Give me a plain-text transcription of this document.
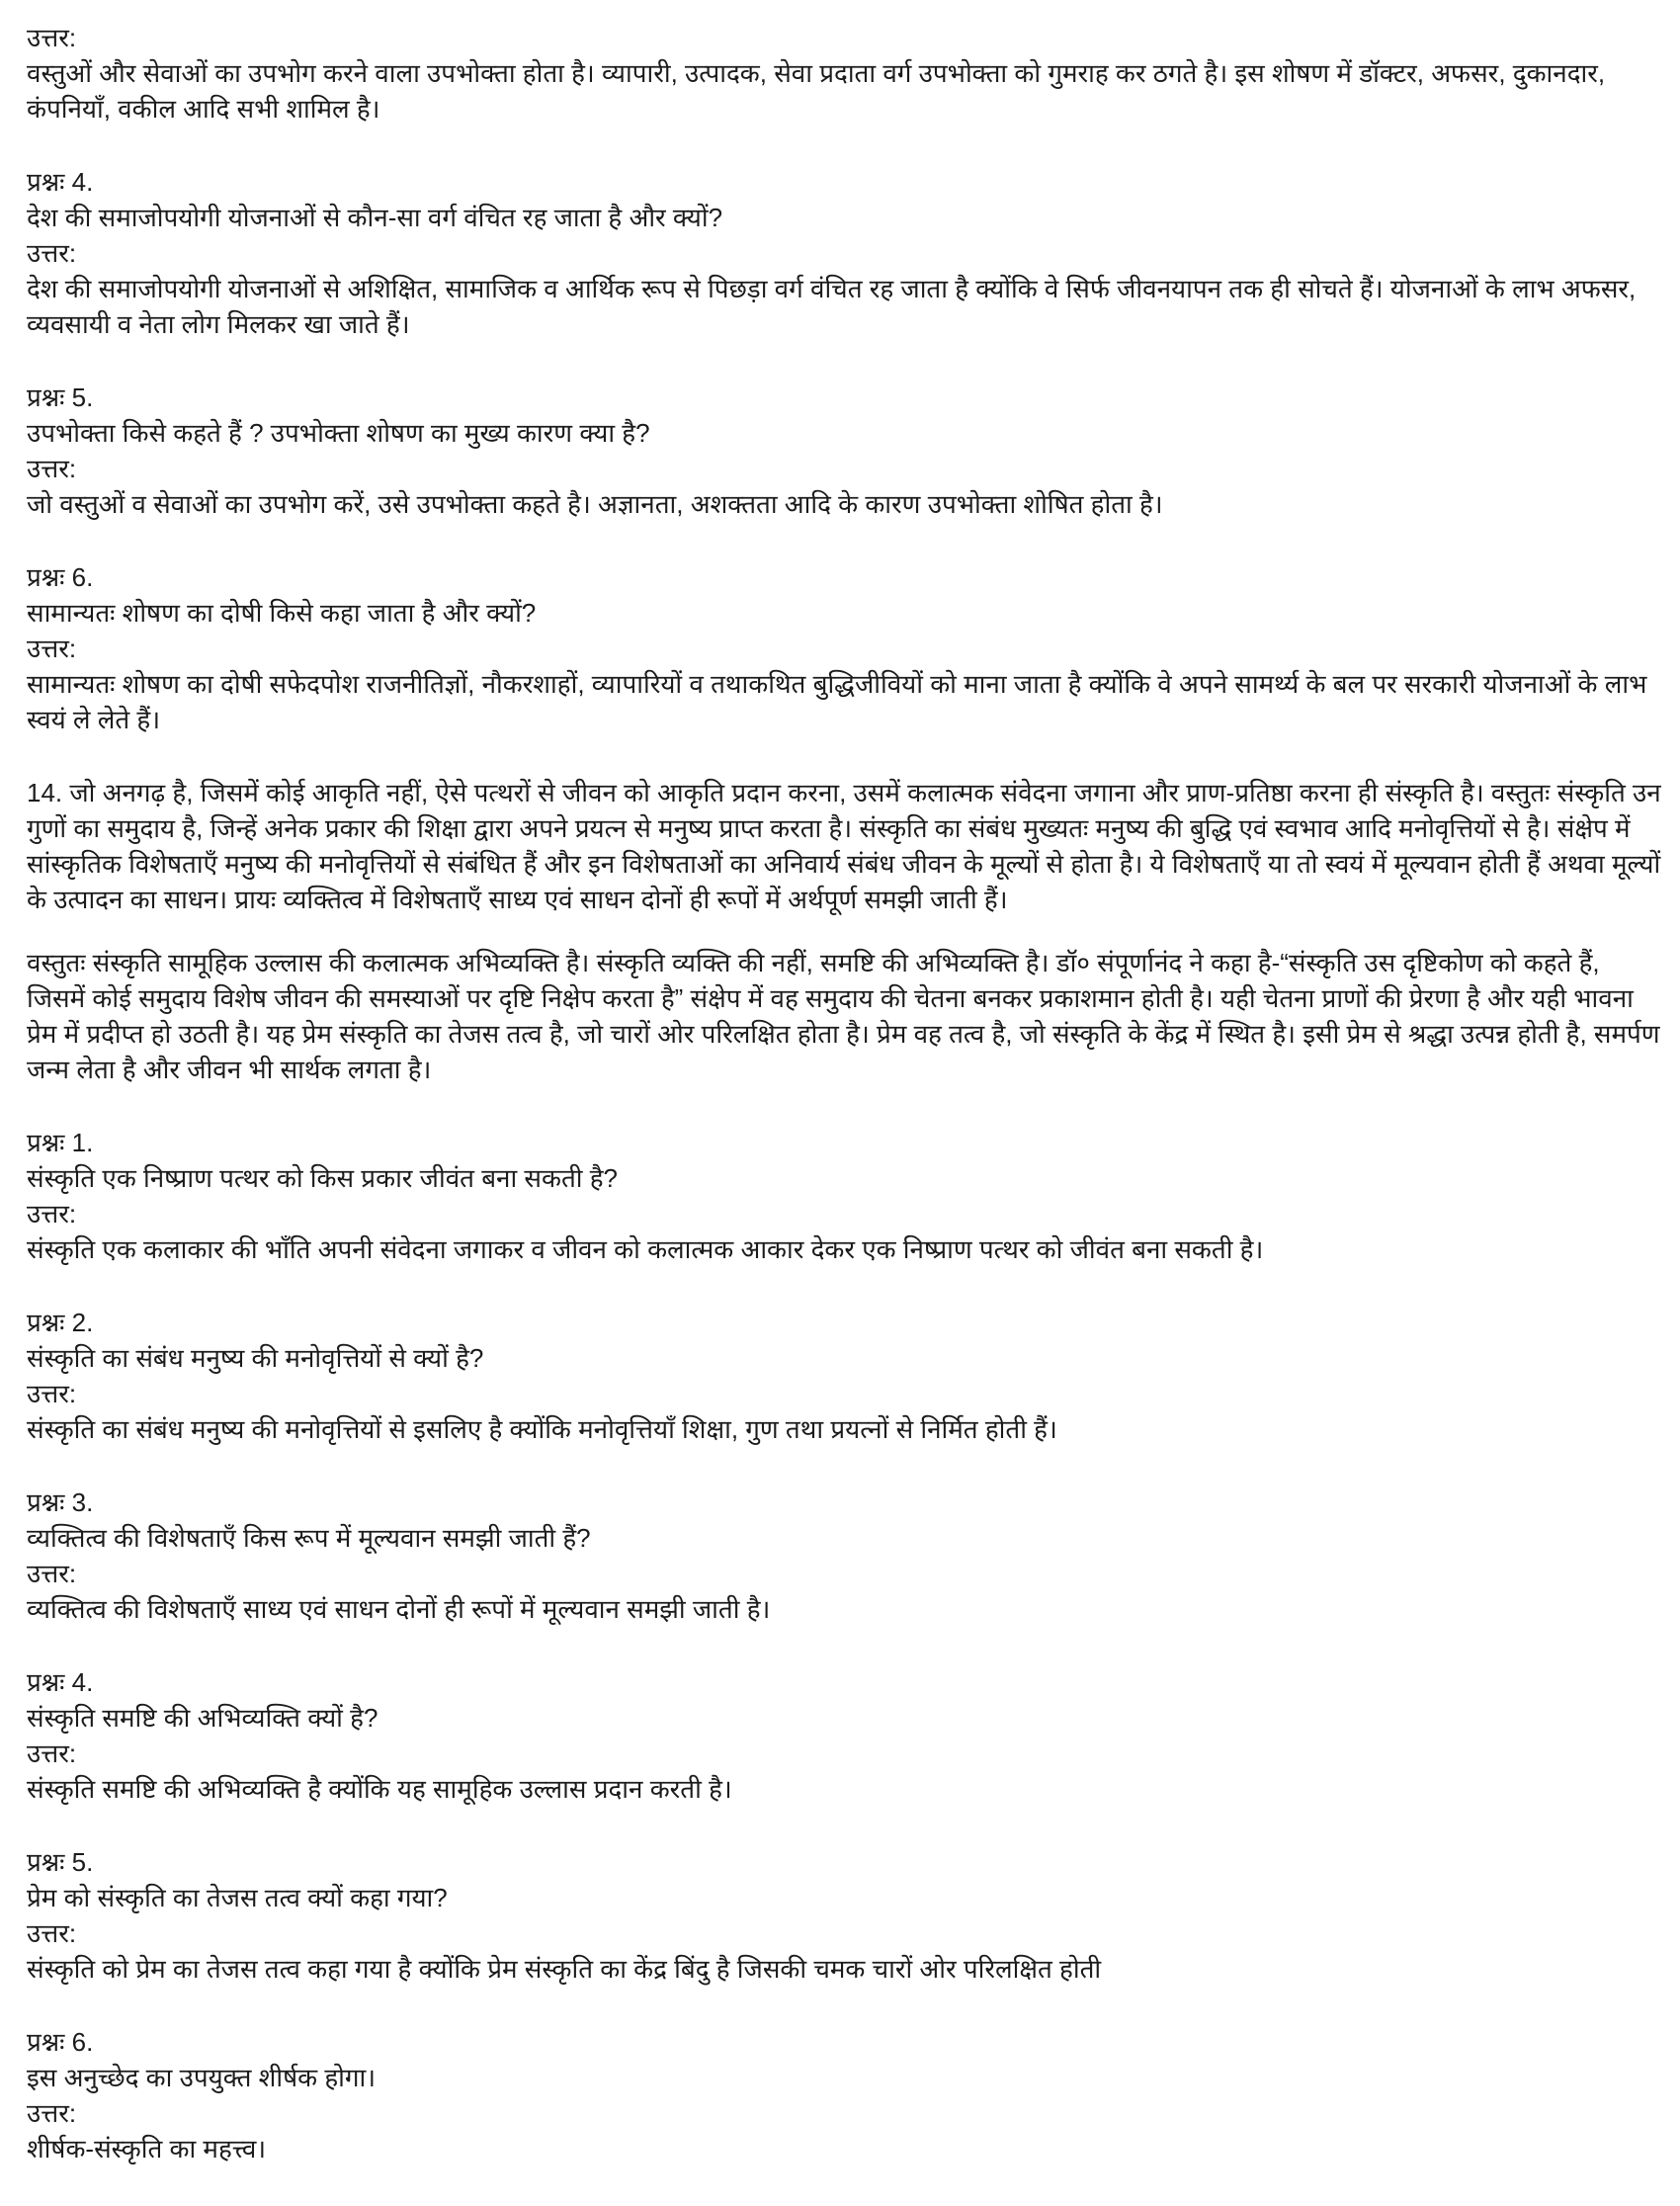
उत्तर:
वस्तुओं और सेवाओं का उपभोग करने वाला उपभोक्ता होता है। व्यापारी, उत्पादक, सेवा प्रदाता वर्ग उपभोक्ता को गुमराह कर ठगते है। इस शोषण में डॉक्टर, अफसर, दुकानदार, कंपनियाँ, वकील आदि सभी शामिल है।
प्रश्नः 4.
देश की समाजोपयोगी योजनाओं से कौन-सा वर्ग वंचित रह जाता है और क्यों?
उत्तर:
देश की समाजोपयोगी योजनाओं से अशिक्षित, सामाजिक व आर्थिक रूप से पिछड़ा वर्ग वंचित रह जाता है क्योंकि वे सिर्फ जीवनयापन तक ही सोचते हैं। योजनाओं के लाभ अफसर, व्यवसायी व नेता लोग मिलकर खा जाते हैं।
प्रश्नः 5.
उपभोक्ता किसे कहते हैं ? उपभोक्ता शोषण का मुख्य कारण क्या है?
उत्तर:
जो वस्तुओं व सेवाओं का उपभोग करें, उसे उपभोक्ता कहते है। अज्ञानता, अशक्तता आदि के कारण उपभोक्ता शोषित होता है।
प्रश्नः 6.
सामान्यतः शोषण का दोषी किसे कहा जाता है और क्यों?
उत्तर:
सामान्यतः शोषण का दोषी सफेदपोश राजनीतिज्ञों, नौकरशाहों, व्यापारियों व तथाकथित बुद्धिजीवियों को माना जाता है क्योंकि वे अपने सामर्थ्य के बल पर सरकारी योजनाओं के लाभ स्वयं ले लेते हैं।
14. जो अनगढ़ है, जिसमें कोई आकृति नहीं, ऐसे पत्थरों से जीवन को आकृति प्रदान करना, उसमें कलात्मक संवेदना जगाना और प्राण-प्रतिष्ठा करना ही संस्कृति है। वस्तुतः संस्कृति उन गुणों का समुदाय है, जिन्हें अनेक प्रकार की शिक्षा द्वारा अपने प्रयत्न से मनुष्य प्राप्त करता है। संस्कृति का संबंध मुख्यतः मनुष्य की बुद्धि एवं स्वभाव आदि मनोवृत्तियों से है। संक्षेप में सांस्कृतिक विशेषताएँ मनुष्य की मनोवृत्तियों से संबंधित हैं और इन विशेषताओं का अनिवार्य संबंध जीवन के मूल्यों से होता है। ये विशेषताएँ या तो स्वयं में मूल्यवान होती हैं अथवा मूल्यों के उत्पादन का साधन। प्रायः व्यक्तित्व में विशेषताएँ साध्य एवं साधन दोनों ही रूपों में अर्थपूर्ण समझी जाती हैं।
वस्तुतः संस्कृति सामूहिक उल्लास की कलात्मक अभिव्यक्ति है। संस्कृति व्यक्ति की नहीं, समष्टि की अभिव्यक्ति है। डॉ० संपूर्णानंद ने कहा है-“संस्कृति उस दृष्टिकोण को कहते हैं, जिसमें कोई समुदाय विशेष जीवन की समस्याओं पर दृष्टि निक्षेप करता है” संक्षेप में वह समुदाय की चेतना बनकर प्रकाशमान होती है। यही चेतना प्राणों की प्रेरणा है और यही भावना प्रेम में प्रदीप्त हो उठती है। यह प्रेम संस्कृति का तेजस तत्व है, जो चारों ओर परिलक्षित होता है। प्रेम वह तत्व है, जो संस्कृति के केंद्र में स्थित है। इसी प्रेम से श्रद्धा उत्पन्न होती है, समर्पण जन्म लेता है और जीवन भी सार्थक लगता है।
प्रश्नः 1.
संस्कृति एक निष्प्राण पत्थर को किस प्रकार जीवंत बना सकती है?
उत्तर:
संस्कृति एक कलाकार की भाँति अपनी संवेदना जगाकर व जीवन को कलात्मक आकार देकर एक निष्प्राण पत्थर को जीवंत बना सकती है।
प्रश्नः 2.
संस्कृति का संबंध मनुष्य की मनोवृत्तियों से क्यों है?
उत्तर:
संस्कृति का संबंध मनुष्य की मनोवृत्तियों से इसलिए है क्योंकि मनोवृत्तियाँ शिक्षा, गुण तथा प्रयत्नों से निर्मित होती हैं।
प्रश्नः 3.
व्यक्तित्व की विशेषताएँ किस रूप में मूल्यवान समझी जाती हैं?
उत्तर:
व्यक्तित्व की विशेषताएँ साध्य एवं साधन दोनों ही रूपों में मूल्यवान समझी जाती है।
प्रश्नः 4.
संस्कृति समष्टि की अभिव्यक्ति क्यों है?
उत्तर:
संस्कृति समष्टि की अभिव्यक्ति है क्योंकि यह सामूहिक उल्लास प्रदान करती है।
प्रश्नः 5.
प्रेम को संस्कृति का तेजस तत्व क्यों कहा गया?
उत्तर:
संस्कृति को प्रेम का तेजस तत्व कहा गया है क्योंकि प्रेम संस्कृति का केंद्र बिंदु है जिसकी चमक चारों ओर परिलक्षित होती
प्रश्नः 6.
इस अनुच्छेद का उपयुक्त शीर्षक होगा।
उत्तर:
शीर्षक-संस्कृति का महत्त्व।
